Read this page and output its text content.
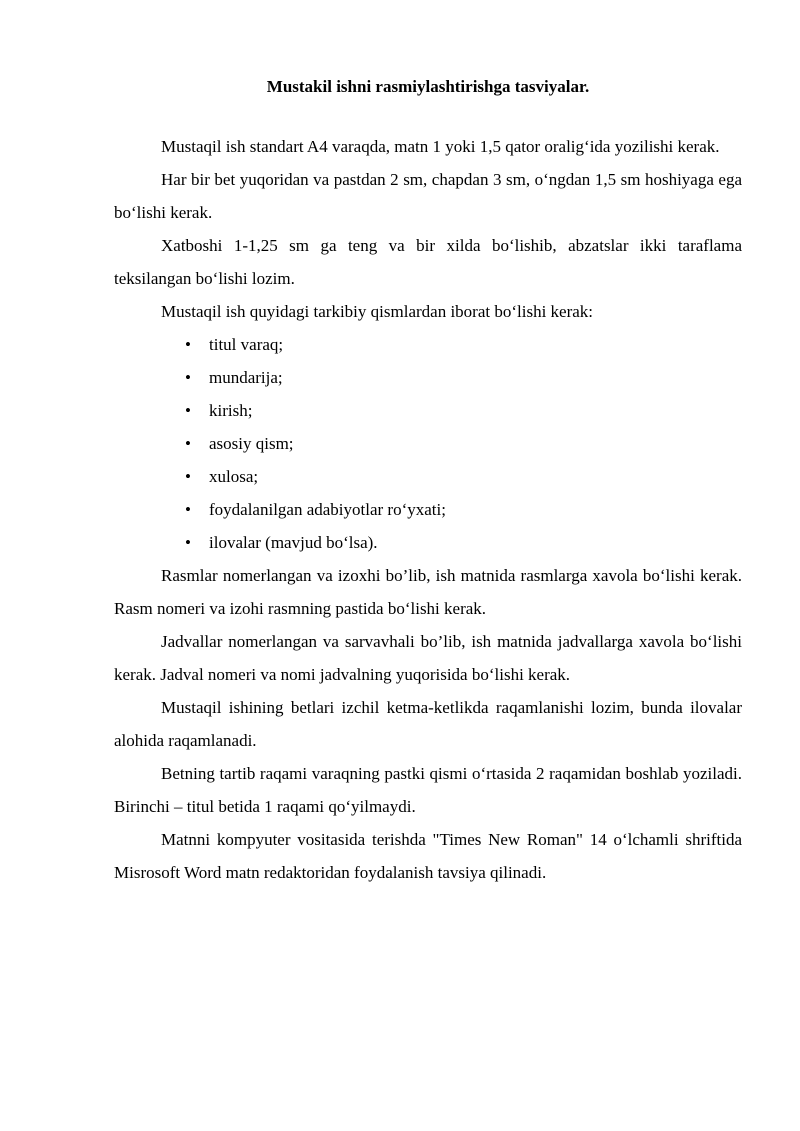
Mustakil ishni rasmiylashtirishga tasviyalar.

Mustaqil ish standart A4 varaqda, matn 1 yoki 1,5 qator oralig‘ida yozilishi kerak.

Har bir bet yuqoridan va pastdan 2 sm, chapdan 3 sm, o‘ngdan 1,5 sm hoshiyaga ega bo‘lishi kerak.

Xatboshi 1-1,25 sm ga teng va bir xilda bo‘lishib, abzatslar ikki taraflama teksilangan bo‘lishi lozim.

Mustaqil ish quyidagi tarkibiy qismlardan iborat bo‘lishi kerak:

• titul varaq;
• mundarija;
• kirish;
• asosiy qism;
• xulosa;
• foydalanilgan adabiyotlar ro‘yxati;
• ilovalar (mavjud bo‘lsa).

Rasmlar nomerlangan va izoxhi bo’lib, ish matnida rasmlarga xavola bo‘lishi kerak. Rasm nomeri va izohi rasmning pastida bo‘lishi kerak.

Jadvallar nomerlangan va sarvavhali bo’lib, ish matnida jadvallarga xavola bo‘lishi kerak. Jadval nomeri va nomi jadvalning yuqorisida bo‘lishi kerak.

Mustaqil ishining betlari izchil ketma-ketlikda raqamlanishi lozim, bunda ilovalar alohida raqamlanadi.

Betning tartib raqami varaqning pastki qismi o‘rtasida 2 raqamidan boshlab yoziladi. Birinchi – titul betida 1 raqami qo‘yilmaydi.

Matnni kompyuter vositasida terishda "Times New Roman" 14 o‘lchamli shriftida Misrosoft Word matn redaktoridan foydalanish tavsiya qilinadi.
